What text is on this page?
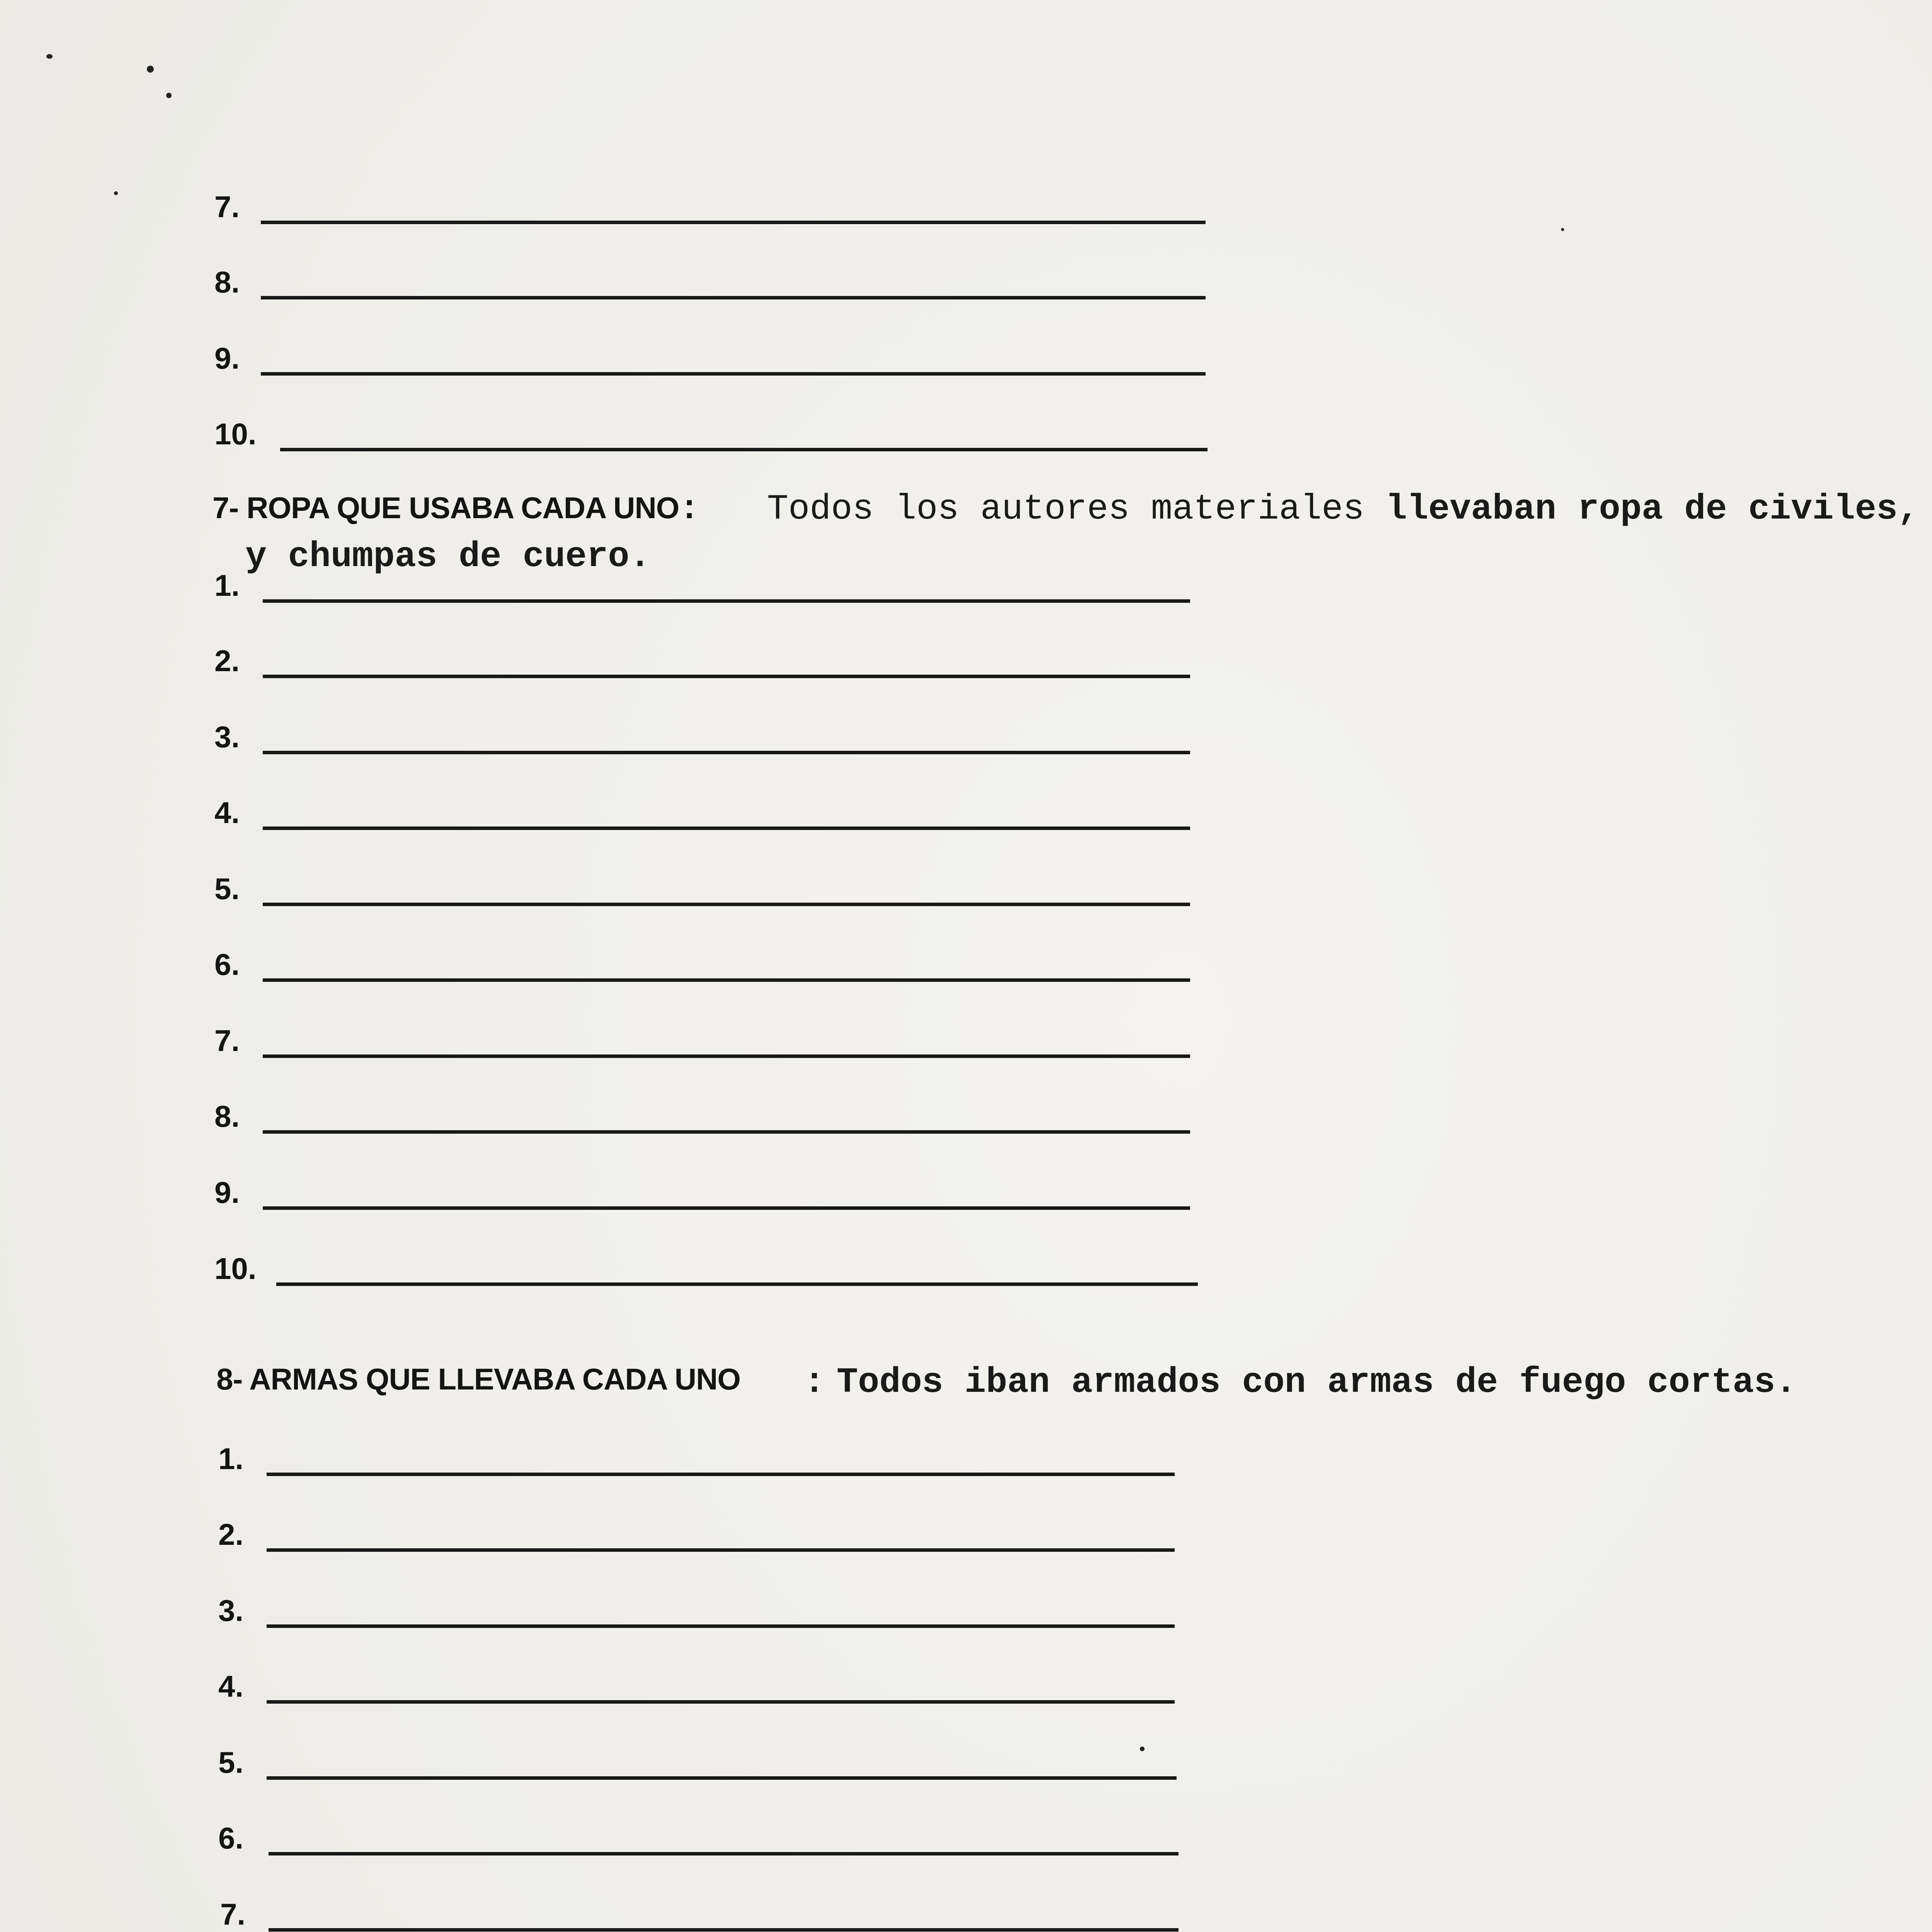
7.
8.
9.
10.
7- ROPA QUE USABA CADA UNO: Todos los autores materiales llevaban ropa de civiles,
y chumpas de cuero.
1.
2.
3.
4.
5.
6.
7.
8.
9.
10.
8- ARMAS QUE LLEVABA CADA UNO : Todos iban armados con armas de fuego cortas.
1.
2.
3.
4.
5.
6.
7.
